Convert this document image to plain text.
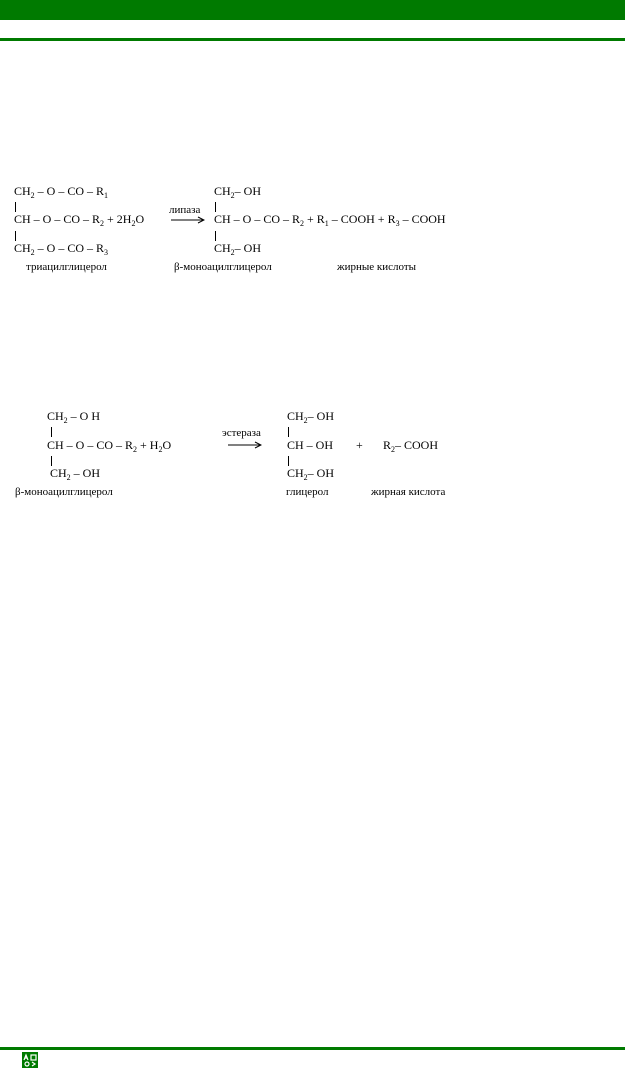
$CH_2$ – O – CO – $R_1$
CH – O – CO – $R_2 + 2H_2O$
$CH_2$ – O – CO – $R_3$
липаза
$CH_2-$ OH
CH – O – CO – $R_2 + R_1$ – COOH + $R_3$ – COOH
$CH_2-$ OH
триацилглицерол	β-моноацилглицерол	жирные кислоты
$CH_2$ – O H
CH – O – CO – $R_2 + H_2O$
$CH_2$ – OH
эстераза
$CH_2-$ OH
CH – OH
$CH_2-$ OH
+ $R_2-$ COOH
β-моноацилглицерол	глицерол	жирная кислота
